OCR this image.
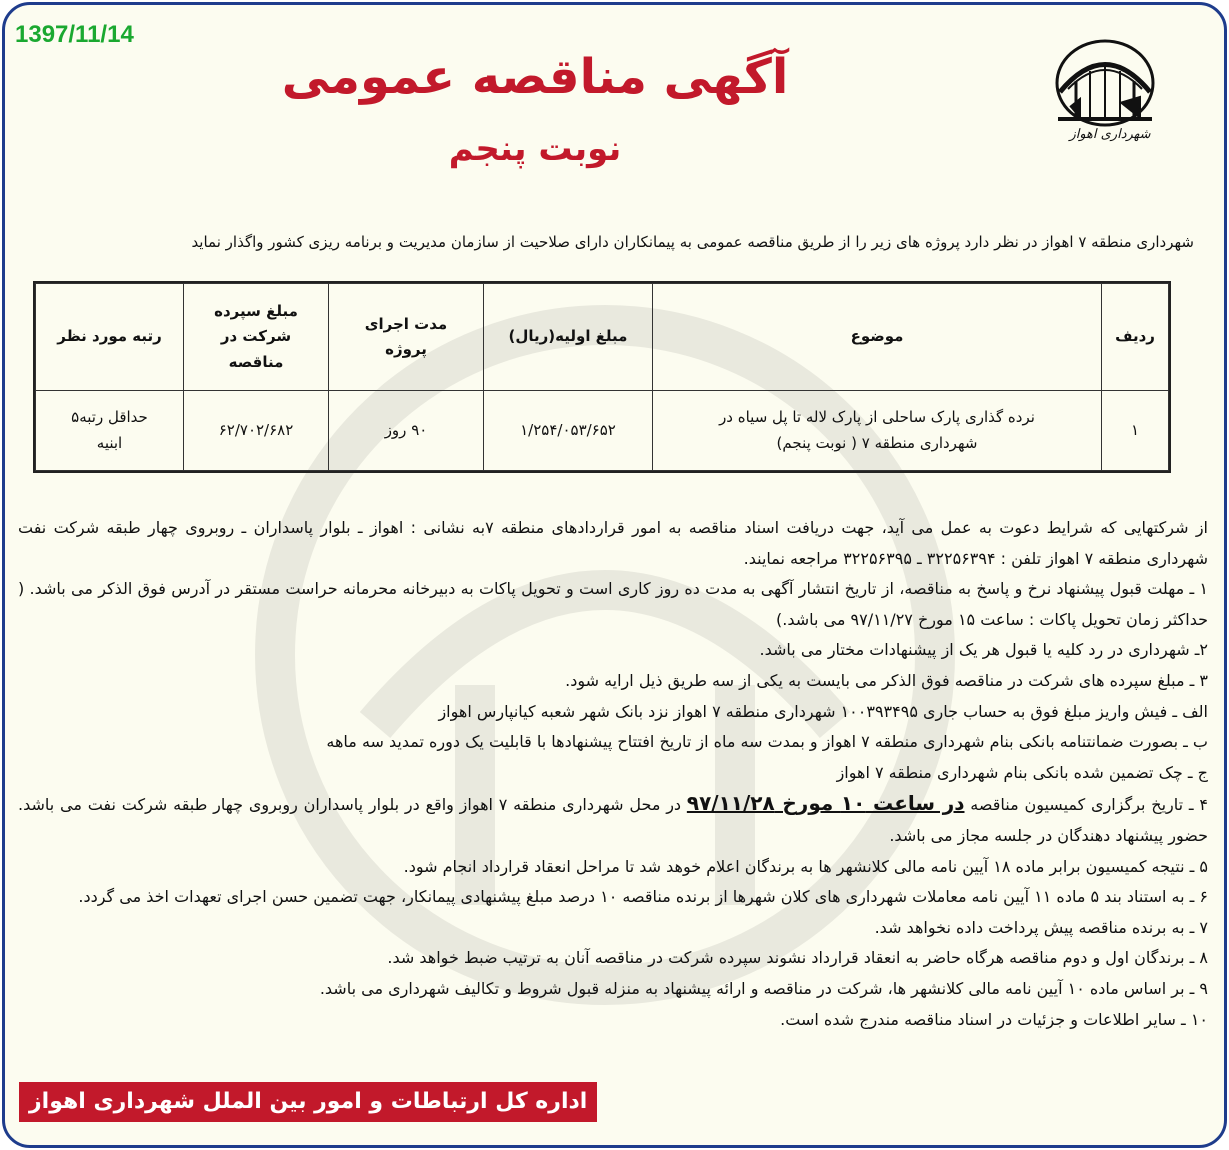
1397/11/14
شهرداری اهواز
آگهی مناقصه عمومی
نوبت پنجم
شهرداری منطقه ۷ اهواز در نظر دارد پروژه های زیر را از طریق مناقصه عمومی به پیمانکاران دارای صلاحیت از سازمان مدیریت و برنامه ریزی کشور واگذار نماید
ردیف	موضوع	مبلغ اولیه(ریال)	مدت اجرای پروژه	مبلغ سپرده شرکت در مناقصه	رتبه مورد نظر
۱	نرده گذاری پارک ساحلی از پارک لاله تا پل سیاه در شهرداری منطقه ۷ ( نوبت پنجم)	۱/۲۵۴/۰۵۳/۶۵۲	۹۰ روز	۶۲/۷۰۲/۶۸۲	حداقل رتبه۵ ابنیه

از شرکتهایی که شرایط دعوت به عمل می آید، جهت دریافت اسناد مناقصه به امور قراردادهای منطقه ۷به نشانی : اهواز ـ بلوار پاسداران ـ روبروی چهار طبقه شرکت نفت شهرداری منطقه ۷ اهواز تلفن : ۳۲۲۵۶۳۹۴ ـ ۳۲۲۵۶۳۹۵ مراجعه نمایند.

۱ ـ مهلت قبول پیشنهاد نرخ و پاسخ به مناقصه، از تاریخ انتشار آگهی به مدت ده روز کاری است و تحویل پاکات به دبیرخانه محرمانه حراست مستقر در آدرس فوق الذکر می باشد. ( حداکثر زمان تحویل پاکات : ساعت ۱۵ مورخ ۹۷/۱۱/۲۷ می باشد.)

۲ـ شهرداری در رد کلیه یا قبول هر یک از پیشنهادات مختار می باشد.

۳ ـ مبلغ سپرده های شرکت در مناقصه فوق الذکر می بایست به یکی از سه طریق ذیل ارایه شود.

الف ـ فیش واریز مبلغ فوق به حساب جاری ۱۰۰۳۹۳۴۹۵ شهرداری منطقه ۷ اهواز نزد بانک شهر شعبه کیانپارس اهواز

ب ـ بصورت ضمانتنامه بانکی بنام شهرداری منطقه ۷ اهواز و بمدت سه ماه از تاریخ افتتاح پیشنهادها با قابلیت یک دوره تمدید سه ماهه

ج ـ چک تضمین شده بانکی بنام شهرداری منطقه ۷ اهواز

۴ ـ تاریخ برگزاری کمیسیون مناقصه در ساعت ۱۰ مورخ ۹۷/۱۱/۲۸ در محل شهرداری منطقه ۷ اهواز واقع در بلوار پاسداران روبروی چهار طبقه شرکت نفت می باشد. حضور پیشنهاد دهندگان در جلسه مجاز می باشد.

۵ ـ نتیجه کمیسیون برابر ماده ۱۸ آیین نامه مالی کلانشهر ها به برندگان اعلام خوهد شد تا مراحل انعقاد قرارداد انجام شود.

۶ ـ به استناد بند ۵ ماده ۱۱ آیین نامه معاملات شهرداری های کلان شهرها از برنده مناقصه ۱۰ درصد مبلغ پیشنهادی پیمانکار، جهت تضمین حسن اجرای تعهدات اخذ می گردد.

۷ ـ به برنده مناقصه پیش پرداخت داده نخواهد شد.

۸ ـ برندگان اول و دوم مناقصه هرگاه حاضر به انعقاد قرارداد نشوند سپرده شرکت در مناقصه آنان به ترتیب ضبط خواهد شد.

۹ ـ بر اساس ماده ۱۰ آیین نامه مالی کلانشهر ها، شرکت در مناقصه و ارائه پیشنهاد به منزله قبول شروط و تکالیف شهرداری می باشد.

۱۰ ـ سایر اطلاعات و جزئیات در اسناد مناقصه مندرج شده است.

اداره کل ارتباطات و امور بین الملل شهرداری اهواز
